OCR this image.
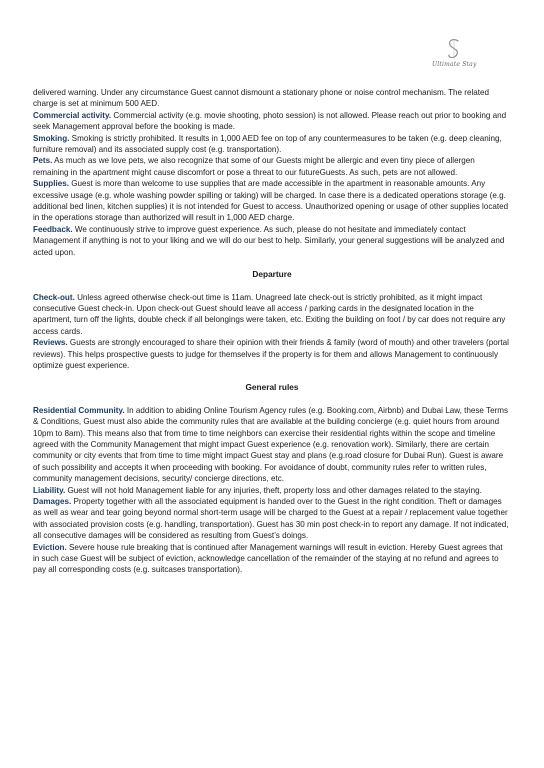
Ultimate Stay

delivered warning. Under any circumstance Guest cannot dismount a stationary phone or noise control mechanism. The related charge is set at minimum 500 AED.

Commercial activity. Commercial activity (e.g. movie shooting, photo session) is not allowed. Please reach out prior to booking and seek Management approval before the booking is made.

Smoking. Smoking is strictly prohibited. It results in 1,000 AED fee on top of any countermeasures to be taken (e.g. deep cleaning, furniture removal) and its associated supply cost (e.g. transportation).

Pets. As much as we love pets, we also recognize that some of our Guests might be allergic and even tiny piece of allergen remaining in the apartment might cause discomfort or pose a threat to our futureGuests. As such, pets are not allowed.

Supplies. Guest is more than welcome to use supplies that are made accessible in the apartment in reasonable amounts. Any excessive usage (e.g. whole washing powder spilling or taking) will be charged. In case there is a dedicated operations storage (e.g. additional bed linen, kitchen supplies) it is not intended for Guest to access. Unauthorized opening or usage of other supplies located in the operations storage than authorized will result in 1,000 AED charge.

Feedback. We continuously strive to improve guest experience. As such, please do not hesitate and immediately contact Management if anything is not to your liking and we will do our best to help. Similarly, your general suggestions will be analyzed and acted upon.

Departure

Check-out. Unless agreed otherwise check-out time is 11am. Unagreed late check-out is strictly prohibited, as it might impact consecutive Guest check-in. Upon check-out Guest should leave all access / parking cards in the designated location in the apartment, turn off the lights, double check if all belongings were taken, etc. Exiting the building on foot / by car does not require any access cards.

Reviews. Guests are strongly encouraged to share their opinion with their friends & family (word of mouth) and other travelers (portal reviews). This helps prospective guests to judge for themselves if the property is for them and allows Management to continuously optimize guest experience.

General rules

Residential Community. In addition to abiding Online Tourism Agency rules (e.g. Booking.com, Airbnb) and Dubai Law, these Terms & Conditions, Guest must also abide the community rules that are available at the building concierge (e.g. quiet hours from around 10pm to 8am). This means also that from time to time neighbors can exercise their residential rights within the scope and timeline agreed with the Community Management that might impact Guest experience (e.g. renovation work). Similarly, there are certain community or city events that from time to time might impact Guest stay and plans (e.g.road closure for Dubai Run). Guest is aware of such possibility and accepts it when proceeding with booking. For avoidance of doubt, community rules refer to written rules, community management decisions, security/ concierge directions, etc.

Liability. Guest will not hold Management liable for any injuries, theft, property loss and other damages related to the staying.

Damages. Property together with all the associated equipment is handed over to the Guest in the right condition. Theft or damages as well as wear and tear going beyond normal short-term usage will be charged to the Guest at a repair / replacement value together with associated provision costs (e.g. handling, transportation). Guest has 30 min post check-in to report any damage. If not indicated, all consecutive damages will be considered as resulting from Guest’s doings.

Eviction. Severe house rule breaking that is continued after Management warnings will result in eviction. Hereby Guest agrees that in such case Guest will be subject of eviction, acknowledge cancellation of the remainder of the staying at no refund and agrees to pay all corresponding costs (e.g. suitcases transportation).
